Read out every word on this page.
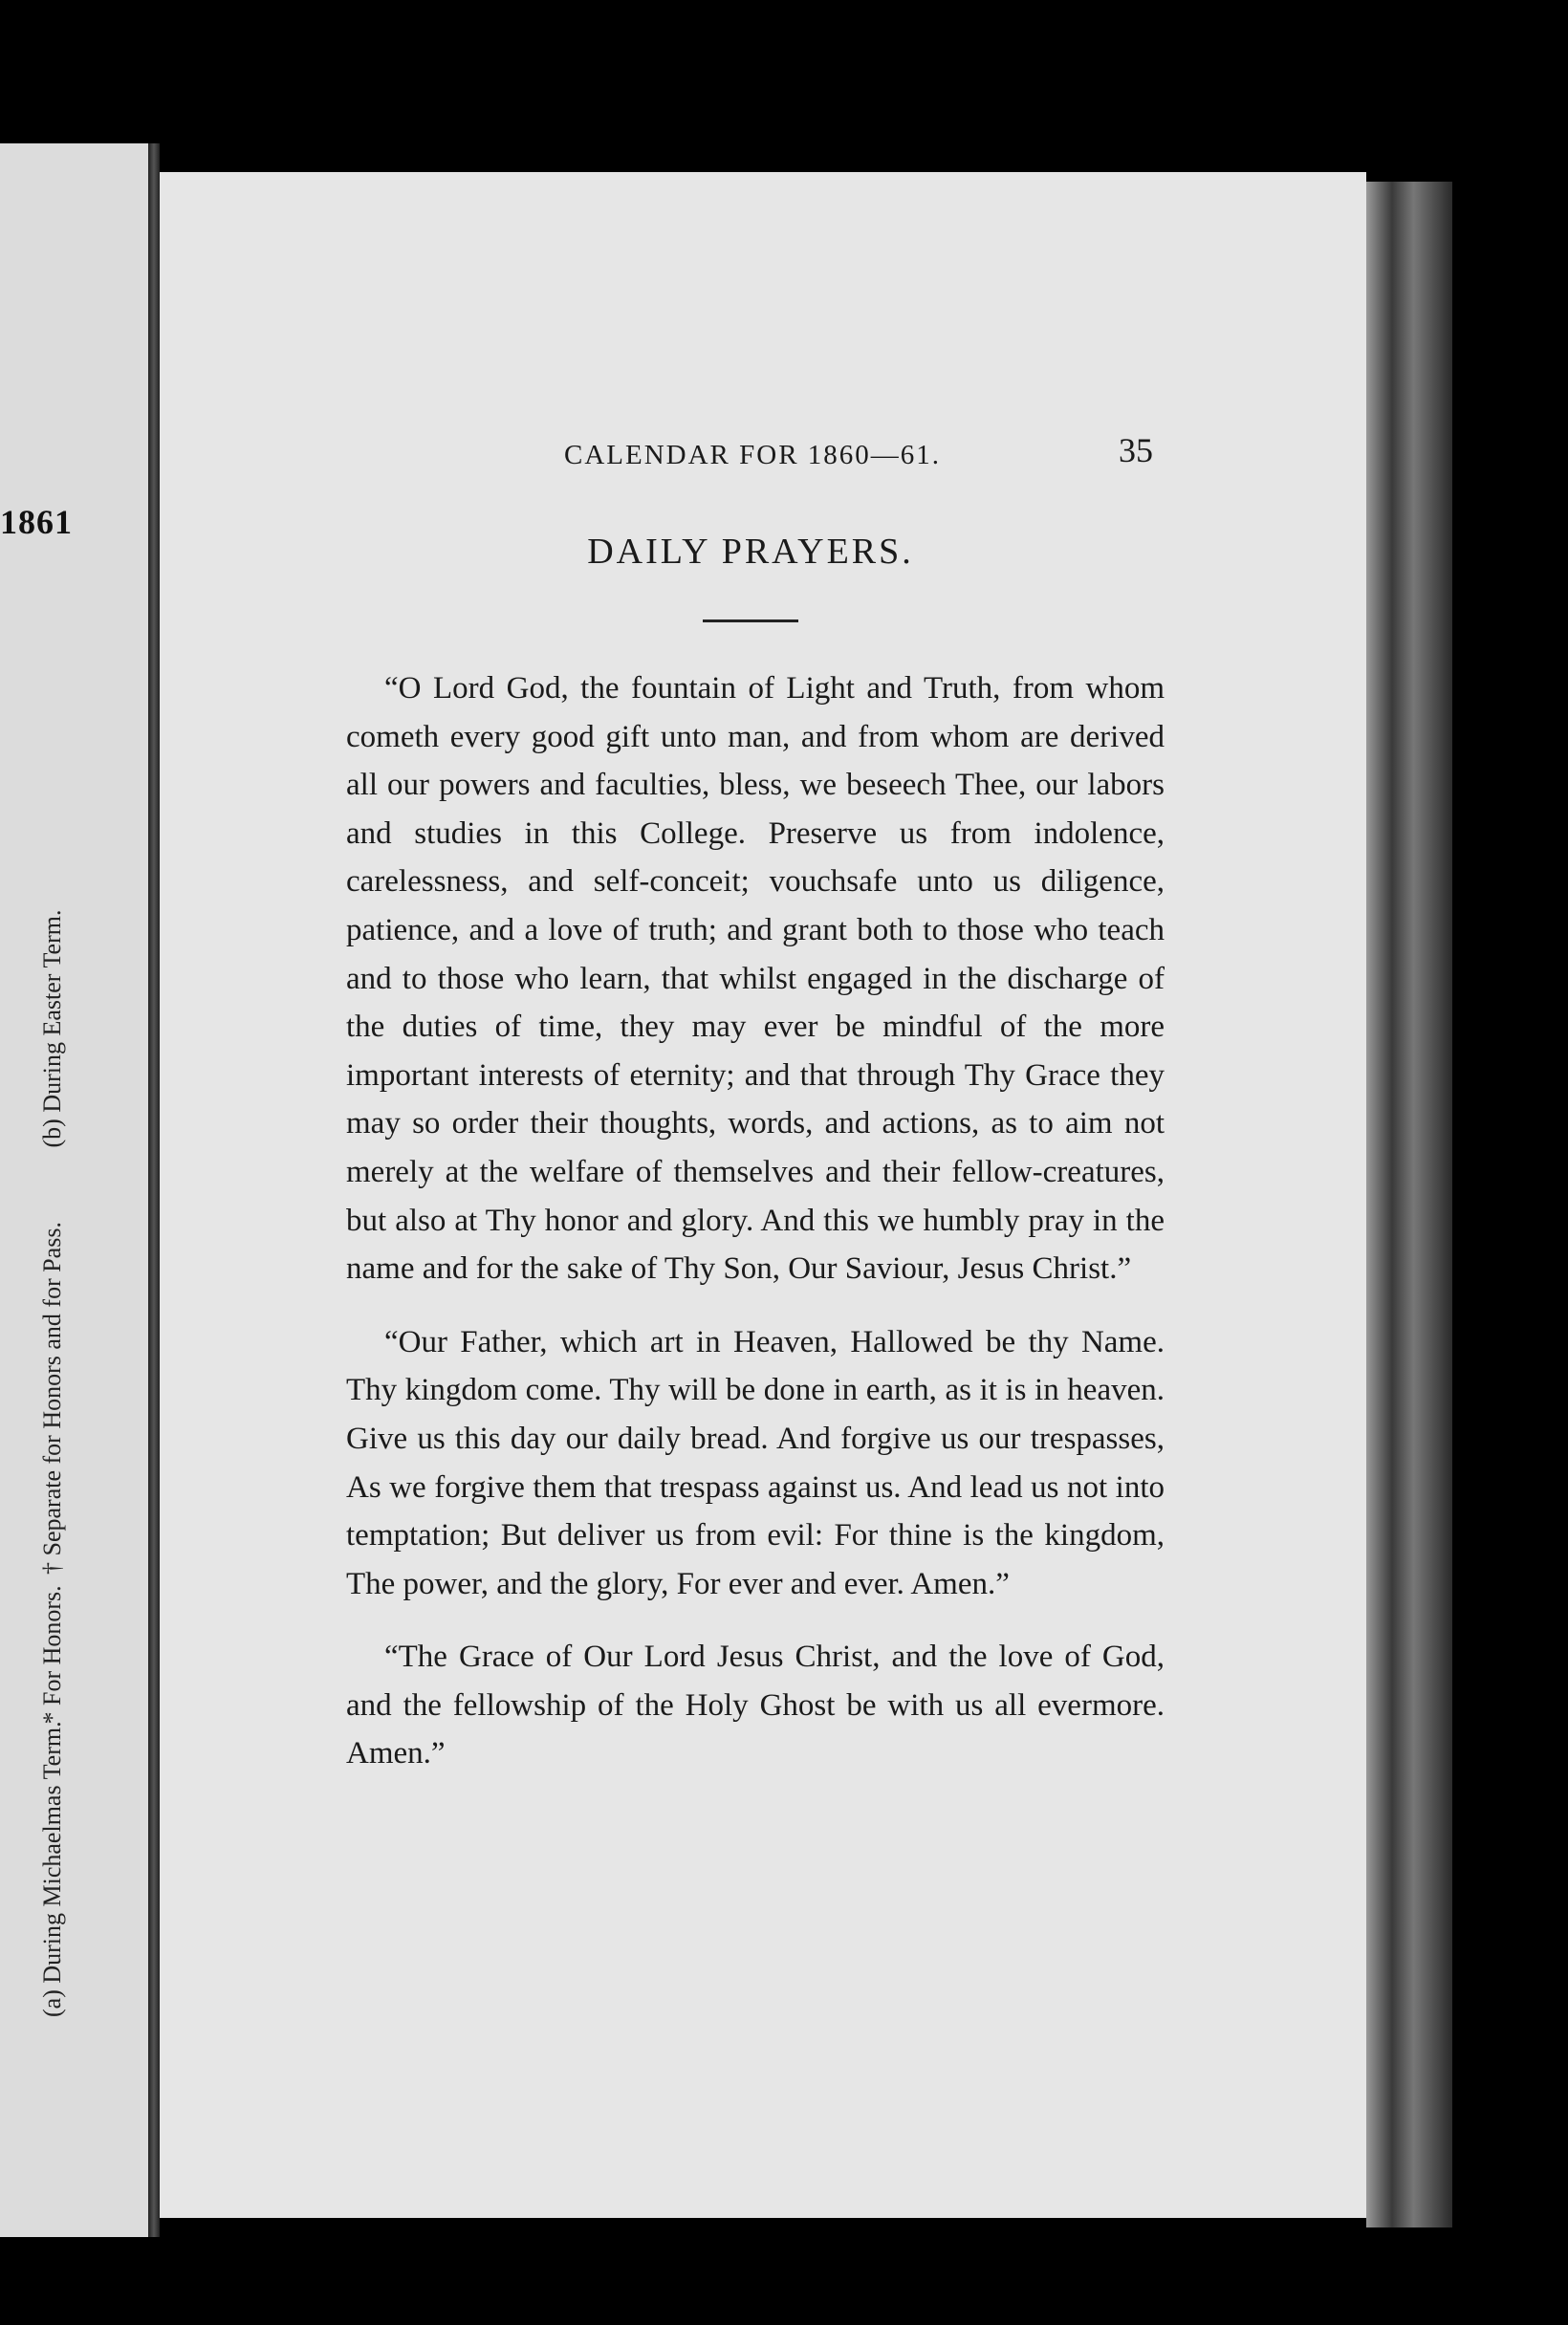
1861
(a) During Michaelmas Term. * For Honors. † Separate for Honors and for Pass. (b) During Easter Term.
CALENDAR FOR 1860—61.	35
DAILY PRAYERS.

“O Lord God, the fountain of Light and Truth, from whom cometh every good gift unto man, and from whom are derived all our powers and faculties, bless, we beseech Thee, our labors and studies in this College. Preserve us from indolence, carelessness, and self-conceit; vouchsafe unto us diligence, patience, and a love of truth; and grant both to those who teach and to those who learn, that whilst engaged in the discharge of the duties of time, they may ever be mindful of the more important interests of eternity; and that through Thy Grace they may so order their thoughts, words, and actions, as to aim not merely at the welfare of themselves and their fellow-creatures, but also at Thy honor and glory. And this we humbly pray in the name and for the sake of Thy Son, Our Saviour, Jesus Christ.”

“Our Father, which art in Heaven, Hallowed be thy Name. Thy kingdom come. Thy will be done in earth, as it is in heaven. Give us this day our daily bread. And forgive us our trespasses, As we forgive them that trespass against us. And lead us not into temptation; But deliver us from evil: For thine is the kingdom, The power, and the glory, For ever and ever. Amen.”

“The Grace of Our Lord Jesus Christ, and the love of God, and the fellowship of the Holy Ghost be with us all evermore. Amen.”
